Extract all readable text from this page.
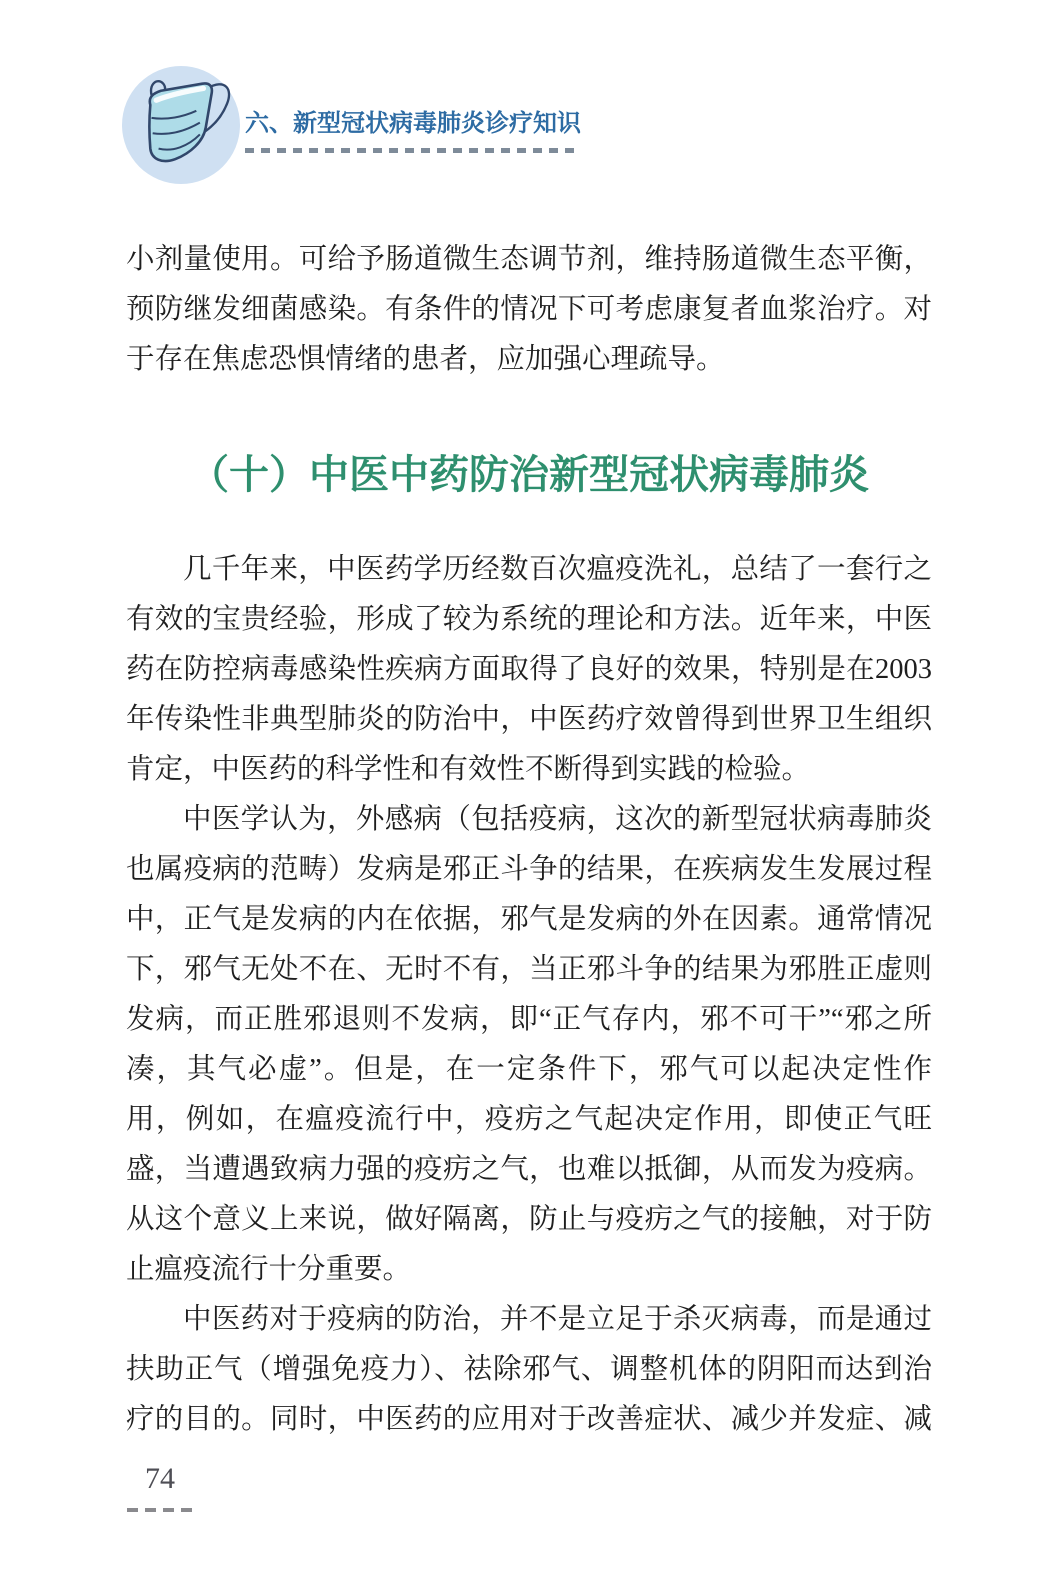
六、新型冠状病毒肺炎诊疗知识

小剂量使用。可给予肠道微生态调节剂，维持肠道微生态平衡，预防继发细菌感染。有条件的情况下可考虑康复者血浆治疗。对于存在焦虑恐惧情绪的患者，应加强心理疏导。

（十）中医中药防治新型冠状病毒肺炎

几千年来，中医药学历经数百次瘟疫洗礼，总结了一套行之有效的宝贵经验，形成了较为系统的理论和方法。近年来，中医药在防控病毒感染性疾病方面取得了良好的效果，特别是在2003 年传染性非典型肺炎的防治中，中医药疗效曾得到世界卫生组织肯定，中医药的科学性和有效性不断得到实践的检验。

中医学认为，外感病（包括疫病，这次的新型冠状病毒肺炎也属疫病的范畴）发病是邪正斗争的结果，在疾病发生发展过程中，正气是发病的内在依据，邪气是发病的外在因素。通常情况下，邪气无处不在、无时不有，当正邪斗争的结果为邪胜正虚则发病，而正胜邪退则不发病，即“正气存内，邪不可干”“邪之所凑，其气必虚”。但是，在一定条件下，邪气可以起决定性作用，例如，在瘟疫流行中，疫疠之气起决定作用，即使正气旺盛，当遭遇致病力强的疫疠之气，也难以抵御，从而发为疫病。从这个意义上来说，做好隔离，防止与疫疠之气的接触，对于防止瘟疫流行十分重要。

中医药对于疫病的防治，并不是立足于杀灭病毒，而是通过扶助正气（增强免疫力）、祛除邪气、调整机体的阴阳而达到治疗的目的。同时，中医药的应用对于改善症状、减少并发症、减

74
